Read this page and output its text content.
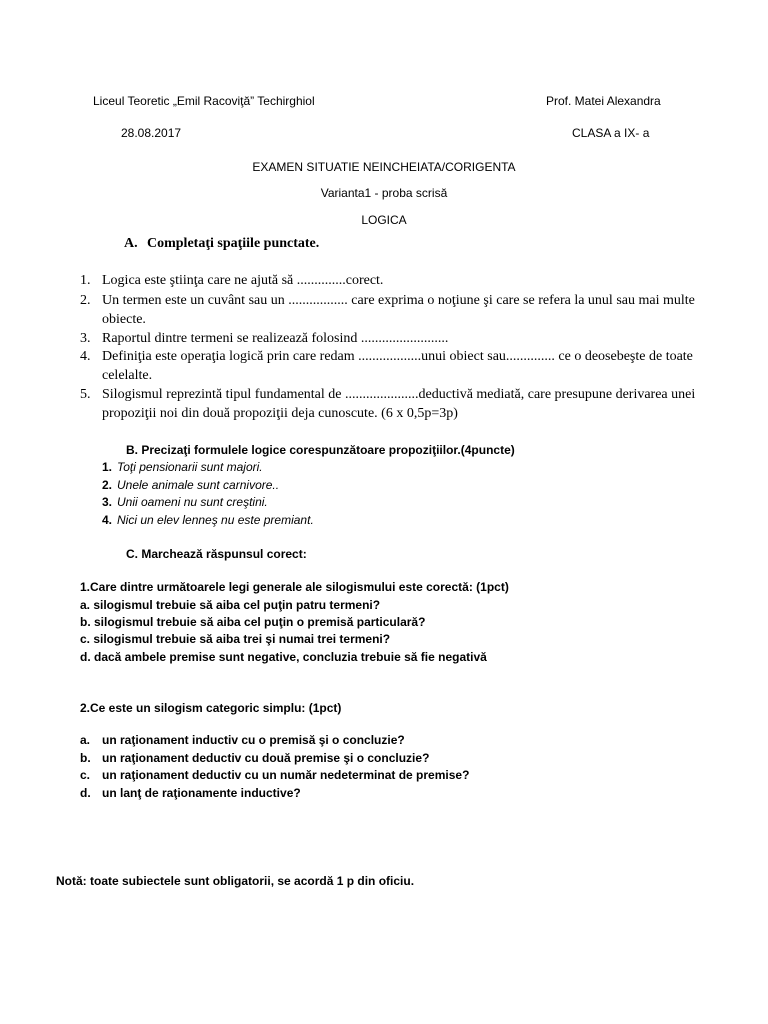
Liceul Teoretic „Emil Racoviţă” Techirghiol	Prof. Matei Alexandra
28.08.2017	CLASA a IX- a
EXAMEN SITUATIE NEINCHEIATA/CORIGENTA
Varianta1 - proba scrisă
LOGICA
A. Completaţi spaţiile punctate.
1. Logica este ştiinţa care ne ajută să ..............corect.
2. Un termen este un cuvânt sau un ................. care exprima o noţiune şi care se refera la unul sau mai multe
obiecte.
3. Raportul dintre termeni se realizează folosind .........................
4. Definiţia este operaţia logică prin care redam ..................unui obiect sau.............. ce o deosebeşte de toate
celelalte.
5. Silogismul reprezintă tipul fundamental de .....................deductivă mediată, care presupune derivarea unei
propoziţii noi din două propoziţii deja cunoscute. (6 x 0,5p=3p)
B. Precizaţi formulele logice corespunzătoare propoziţiilor.(4puncte)
1. Toţi pensionarii sunt majori.
2. Unele animale sunt carnivore..
3. Unii oameni nu sunt creştini.
4. Nici un elev lenneş nu este premiant.
C. Marchează răspunsul corect:
1.Care dintre următoarele legi generale ale silogismului este corectă: (1pct)
a. silogismul trebuie să aiba cel puţin patru termeni?
b. silogismul trebuie să aiba cel puţin o premisă particulară?
c. silogismul trebuie să aiba trei şi numai trei termeni?
d. dacă ambele premise sunt negative, concluzia trebuie să fie negativă
2.Ce este un silogism categoric simplu: (1pct)
a. un raţionament inductiv cu o premisă şi o concluzie?
b. un raţionament deductiv cu două premise şi o concluzie?
c. un raţionament deductiv cu un număr nedeterminat de premise?
d. un lanţ de raţionamente inductive?
Notă: toate subiectele sunt obligatorii, se acordă 1 p din oficiu.
